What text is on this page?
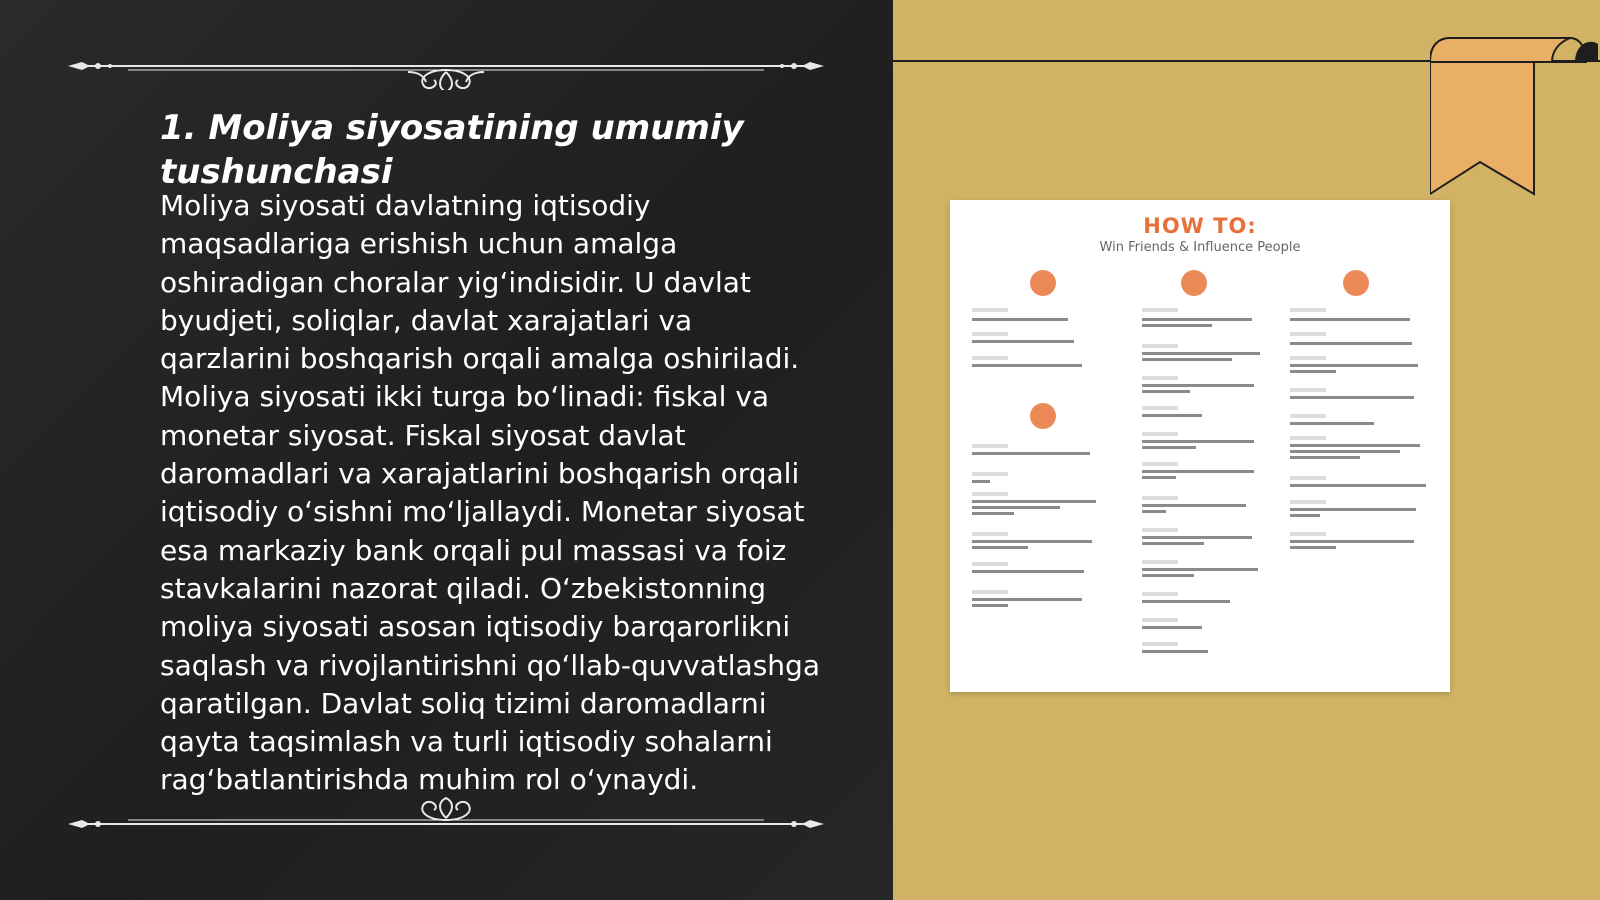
1. Moliya siyosatining umumiy tushunchasi

Moliya siyosati davlatning iqtisodiy maqsadlariga erishish uchun amalga oshiradigan choralar yig‘indisidir. U davlat byudjeti, soliqlar, davlat xarajatlari va qarzlarini boshqarish orqali amalga oshiriladi. Moliya siyosati ikki turga bo‘linadi: fiskal va monetar siyosat. Fiskal siyosat davlat daromadlari va xarajatlarini boshqarish orqali iqtisodiy o‘sishni mo‘ljallaydi. Monetar siyosat esa markaziy bank orqali pul massasi va foiz stavkalarini nazorat qiladi. O‘zbekistonning moliya siyosati asosan iqtisodiy barqarorlikni saqlash va rivojlantirishni qo‘llab-quvvatlashga qaratilgan. Davlat soliq tizimi daromadlarni qayta taqsimlash va turli iqtisodiy sohalarni rag‘batlantirishda muhim rol o‘ynaydi.

HOW TO:
Win Friends & Influence People
